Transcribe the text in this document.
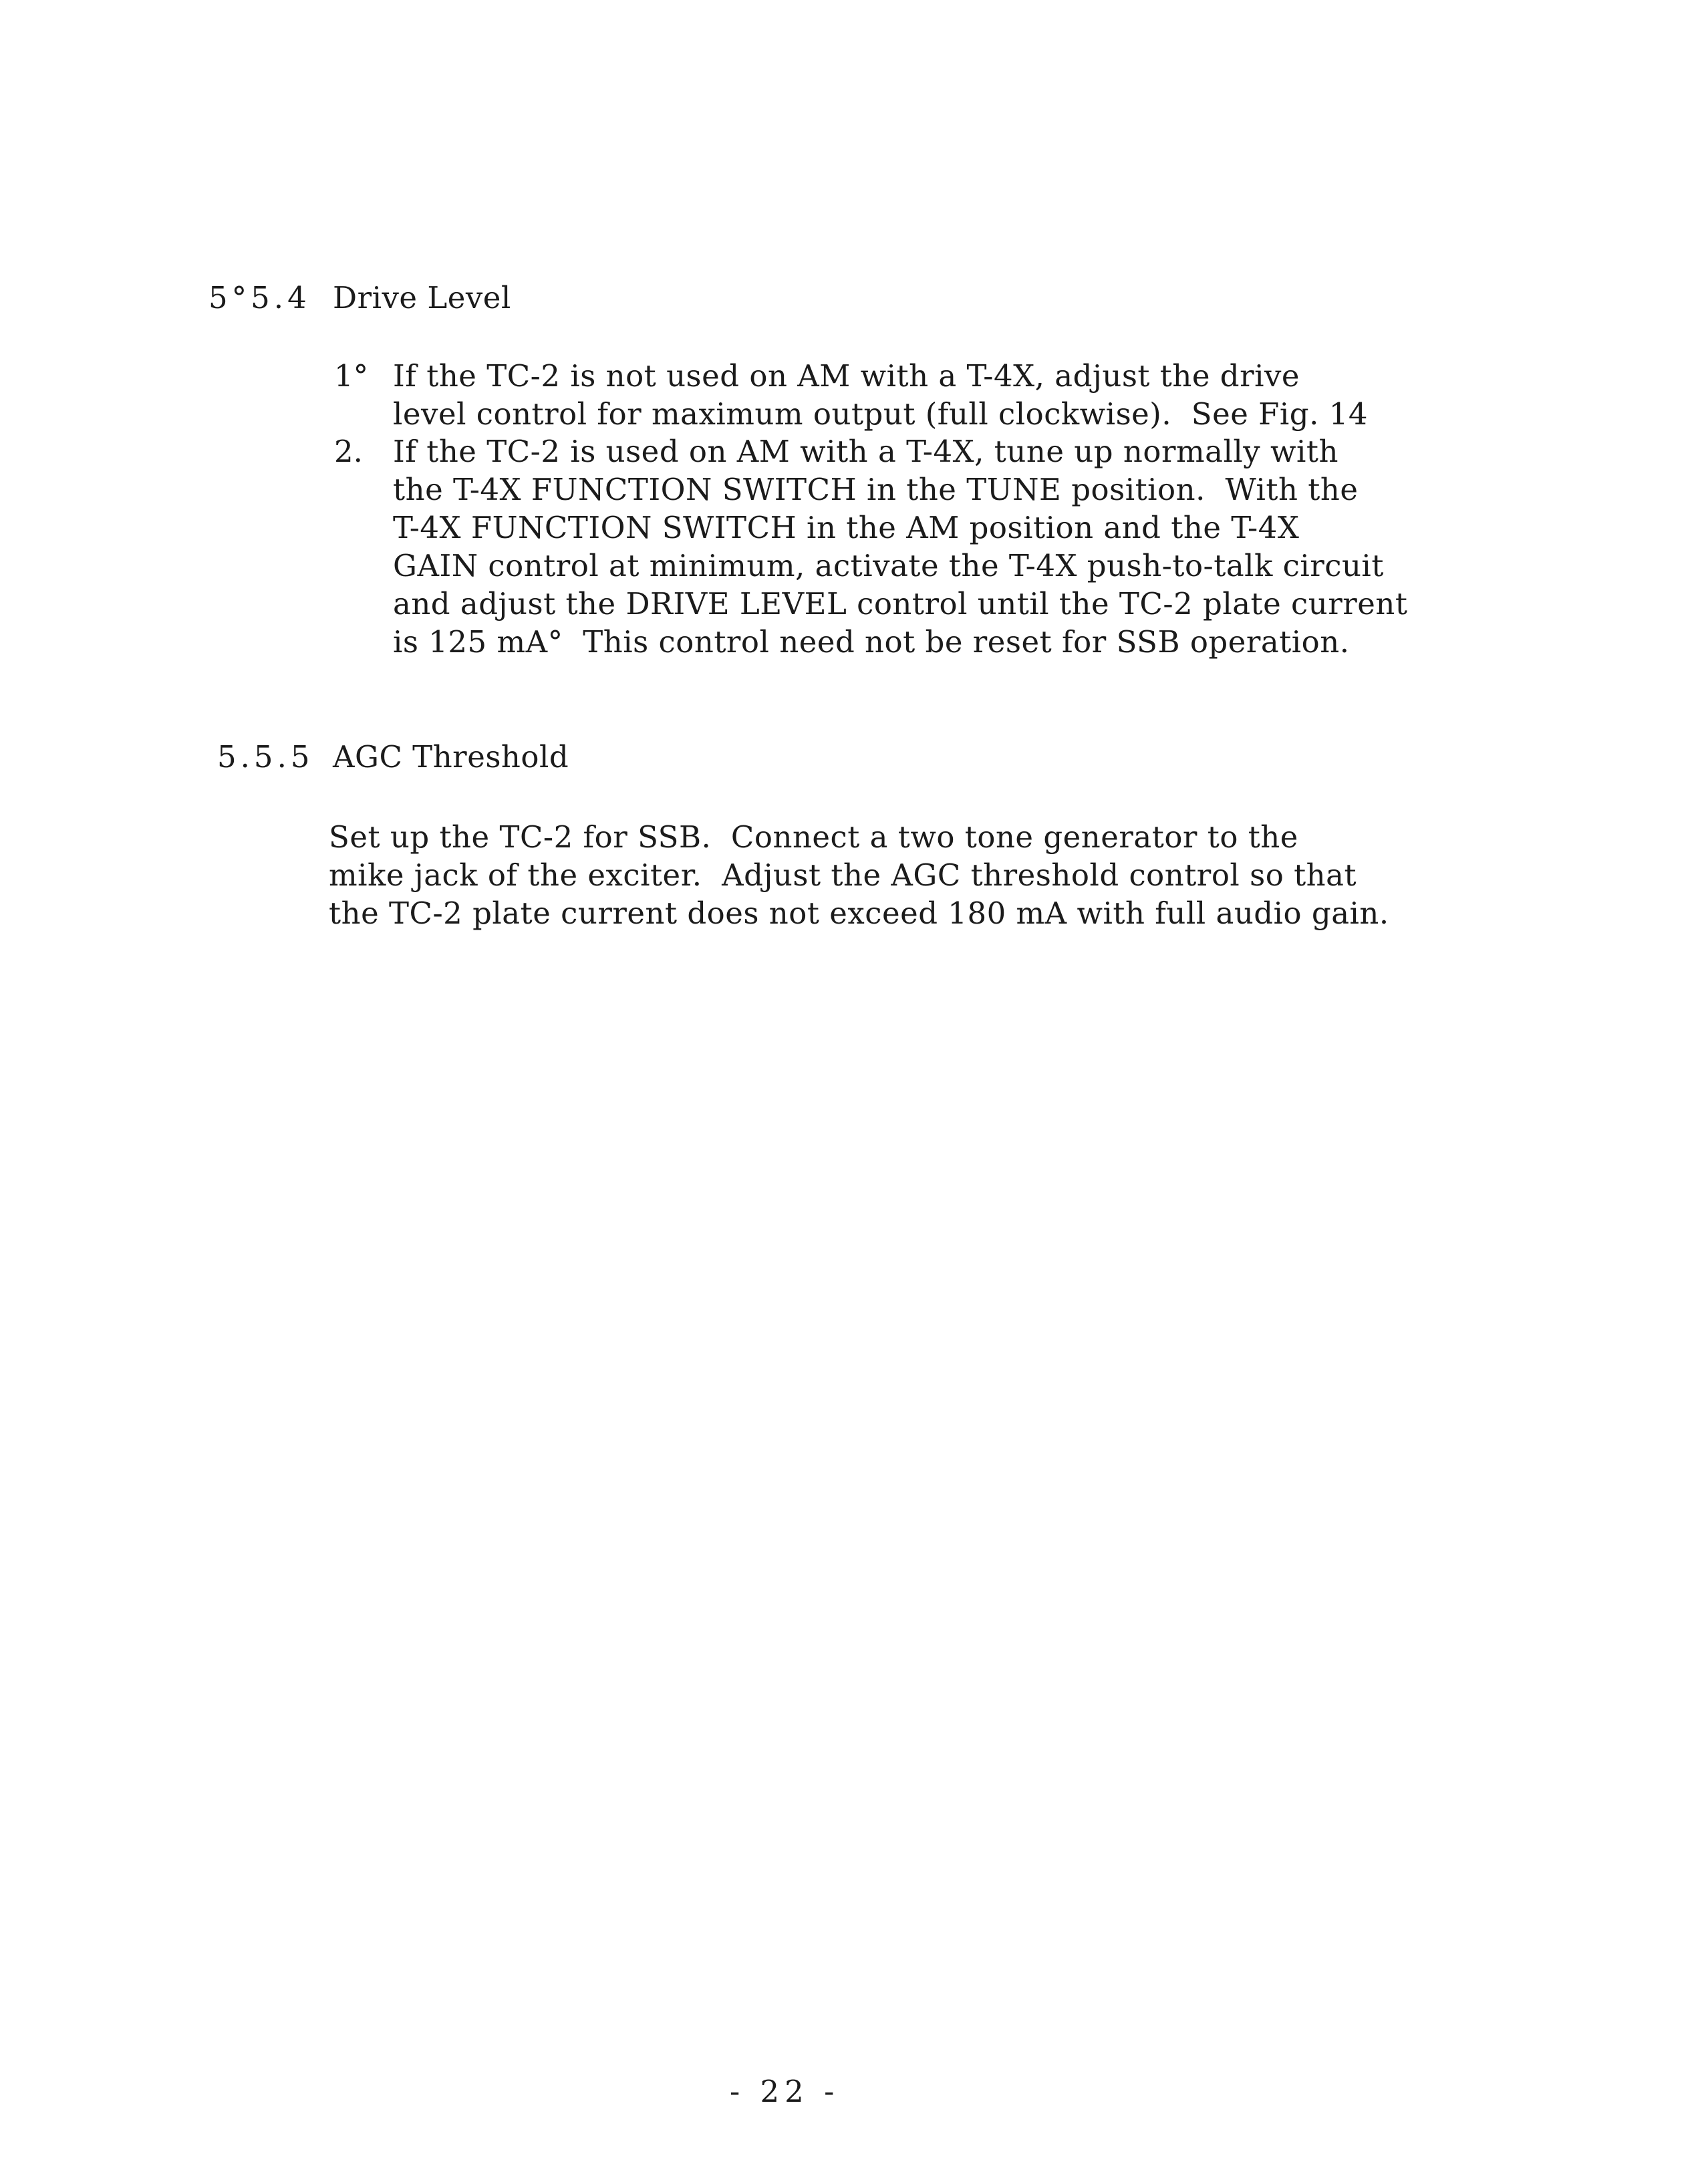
5°5.4 Drive Level
1° If the TC-2 is not used on AM with a T-4X, adjust the drive
level control for maximum output (full clockwise).  See Fig. 14
2. If the TC-2 is used on AM with a T-4X, tune up normally with
the T-4X FUNCTION SWITCH in the TUNE position.  With the
T-4X FUNCTION SWITCH in the AM position and the T-4X
GAIN control at minimum, activate the T-4X push-to-talk circuit
and adjust the DRIVE LEVEL control until the TC-2 plate current
is 125 mA°  This control need not be reset for SSB operation.
5.5.5 AGC Threshold
Set up the TC-2 for SSB.  Connect a two tone generator to the
mike jack of the exciter.  Adjust the AGC threshold control so that
the TC-2 plate current does not exceed 180 mA with full audio gain.
- 22 -
